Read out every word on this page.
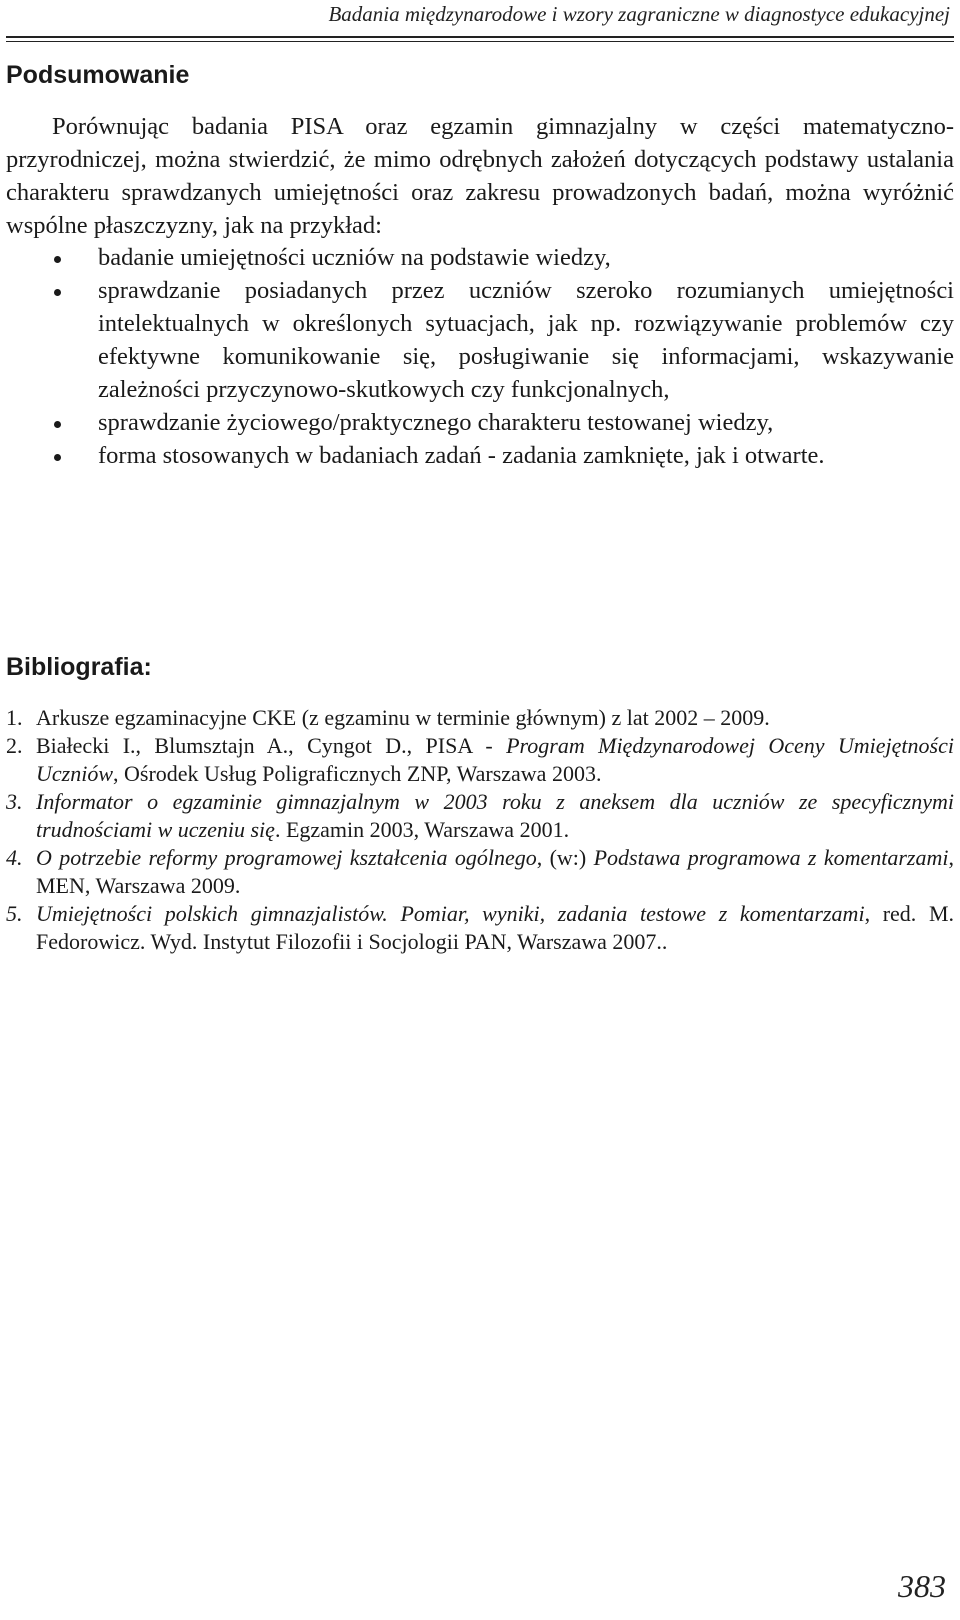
Badania międzynarodowe i wzory zagraniczne w diagnostyce edukacyjnej
Podsumowanie
Porównując badania PISA oraz egzamin gimnazjalny w części matematyczno-przyrodniczej, można stwierdzić, że mimo odrębnych założeń dotyczących podstawy ustalania charakteru sprawdzanych umiejętności oraz zakresu prowadzonych badań, można wyróżnić wspólne płaszczyzny, jak na przykład:
badanie umiejętności uczniów na podstawie wiedzy,
sprawdzanie posiadanych przez uczniów szeroko rozumianych umiejętności intelektualnych w określonych sytuacjach, jak np. rozwiązywanie problemów czy efektywne komunikowanie się, posługiwanie się informacjami, wskazywanie zależności przyczynowo-skutkowych czy funkcjonalnych,
sprawdzanie życiowego/praktycznego charakteru testowanej wiedzy,
forma stosowanych w badaniach zadań - zadania zamknięte, jak i otwarte.
Bibliografia:
1. Arkusze egzaminacyjne CKE (z egzaminu w terminie głównym) z lat 2002 – 2009.
2. Białecki I., Blumsztajn A., Cyngot D., PISA - Program Międzynarodowej Oceny Umiejętności Uczniów, Ośrodek Usług Poligraficznych ZNP, Warszawa 2003.
3. Informator o egzaminie gimnazjalnym w 2003 roku z aneksem dla uczniów ze specyficznymi trudnościami w uczeniu się. Egzamin 2003, Warszawa 2001.
4. O potrzebie reformy programowej kształcenia ogólnego, (w:) Podstawa programowa z komentarzami, MEN, Warszawa 2009.
5. Umiejętności polskich gimnazjalistów. Pomiar, wyniki, zadania testowe z komentarzami, red. M. Fedorowicz. Wyd. Instytut Filozofii i Socjologii PAN, Warszawa 2007..
383
